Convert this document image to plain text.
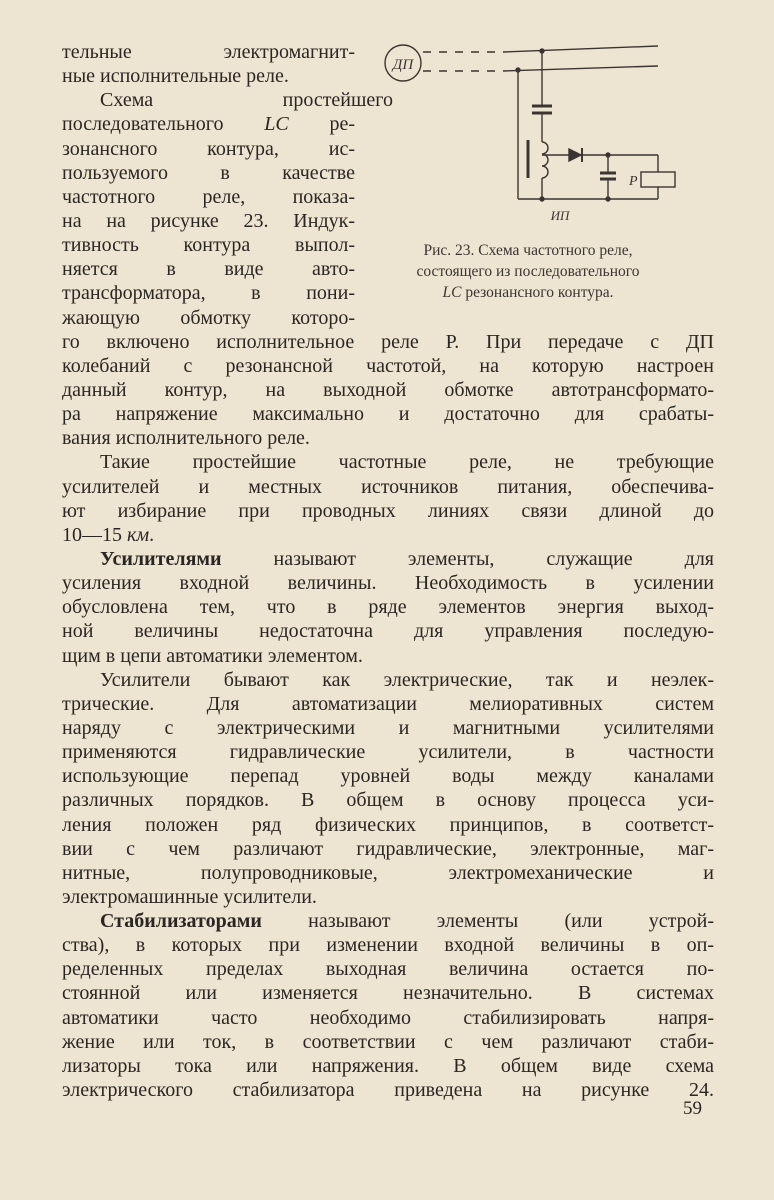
ДП
Р
ИП
Рис. 23. Схема частотного реле,
состоящего из последовательного
LC резонансного контура.
тельные электромагнит-
ные исполнительные реле.
Схема простейшего
последовательного LC ре-
зонансного контура, ис-
пользуемого в качестве
частотного реле, показа-
на на рисунке 23. Индук-
тивность контура выпол-
няется в виде авто-
трансформатора, в пони-
жающую обмотку которо-
го включено исполнительное реле Р. При передаче с ДП
колебаний с резонансной частотой, на которую настроен
данный контур, на выходной обмотке автотрансформато-
ра напряжение максимально и достаточно для срабаты-
вания исполнительного реле.
Такие простейшие частотные реле, не требующие
усилителей и местных источников питания, обеспечива-
ют избирание при проводных линиях связи длиной до
10—15 км.
Усилителями называют элементы, служащие для
усиления входной величины. Необходимость в усилении
обусловлена тем, что в ряде элементов энергия выход-
ной величины недостаточна для управления последую-
щим в цепи автоматики элементом.
Усилители бывают как электрические, так и неэлек-
трические. Для автоматизации мелиоративных систем
наряду с электрическими и магнитными усилителями
применяются гидравлические усилители, в частности
использующие перепад уровней воды между каналами
различных порядков. В общем в основу процесса уси-
ления положен ряд физических принципов, в соответст-
вии с чем различают гидравлические, электронные, маг-
нитные, полупроводниковые, электромеханические и
электромашинные усилители.
Стабилизаторами называют элементы (или устрой-
ства), в которых при изменении входной величины в оп-
ределенных пределах выходная величина остается по-
стоянной или изменяется незначительно. В системах
автоматики часто необходимо стабилизировать напря-
жение или ток, в соответствии с чем различают стаби-
лизаторы тока или напряжения. В общем виде схема
электрического стабилизатора приведена на рисунке 24.
59
